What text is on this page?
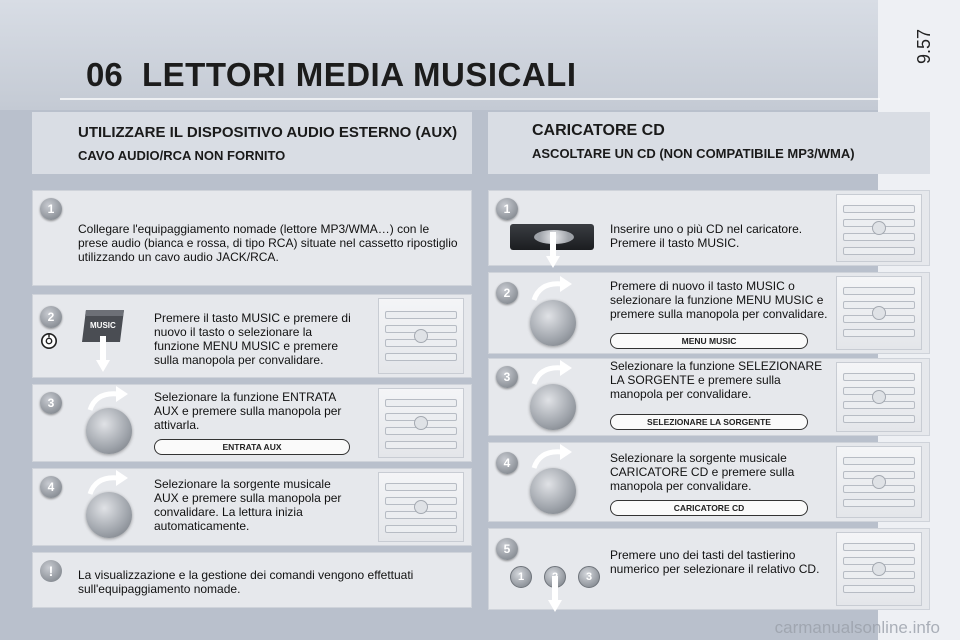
9.57
06 LETTORI MEDIA MUSICALI
UTILIZZARE IL DISPOSITIVO AUDIO ESTERNO (AUX)
CAVO AUDIO/RCA NON FORNITO
CARICATORE CD
ASCOLTARE UN CD (NON COMPATIBILE MP3/WMA)
1
Collegare l'equipaggiamento nomade (lettore MP3/WMA…) con le prese audio (bianca e rossa, di tipo RCA) situate nel cassetto ripostiglio utilizzando un cavo audio JACK/RCA.
2
MUSIC
Premere il tasto MUSIC e premere di nuovo il tasto o selezionare la funzione MENU MUSIC e premere sulla manopola per convalidare.
3	Selezionare la funzione ENTRATA AUX e premere sulla manopola per attivarla.
ENTRATA AUX
4	Selezionare la sorgente musicale AUX e premere sulla manopola per convalidare. La lettura inizia automaticamente.
!	La visualizzazione e la gestione dei comandi vengono effettuati sull'equipaggiamento nomade.
1
Inserire uno o più CD nel caricatore. Premere il tasto MUSIC.
2	Premere di nuovo il tasto MUSIC o selezionare la funzione MENU MUSIC e premere sulla manopola per convalidare.
MENU MUSIC
3
Selezionare la funzione SELEZIONARE LA SORGENTE e premere sulla manopola per convalidare.
SELEZIONARE LA SORGENTE
4	Selezionare la sorgente musicale CARICATORE CD e premere sulla manopola per convalidare.
CARICATORE CD
5
1	3
Premere uno dei tasti del tastierino numerico per selezionare il relativo CD.
carmanualsonline.info
